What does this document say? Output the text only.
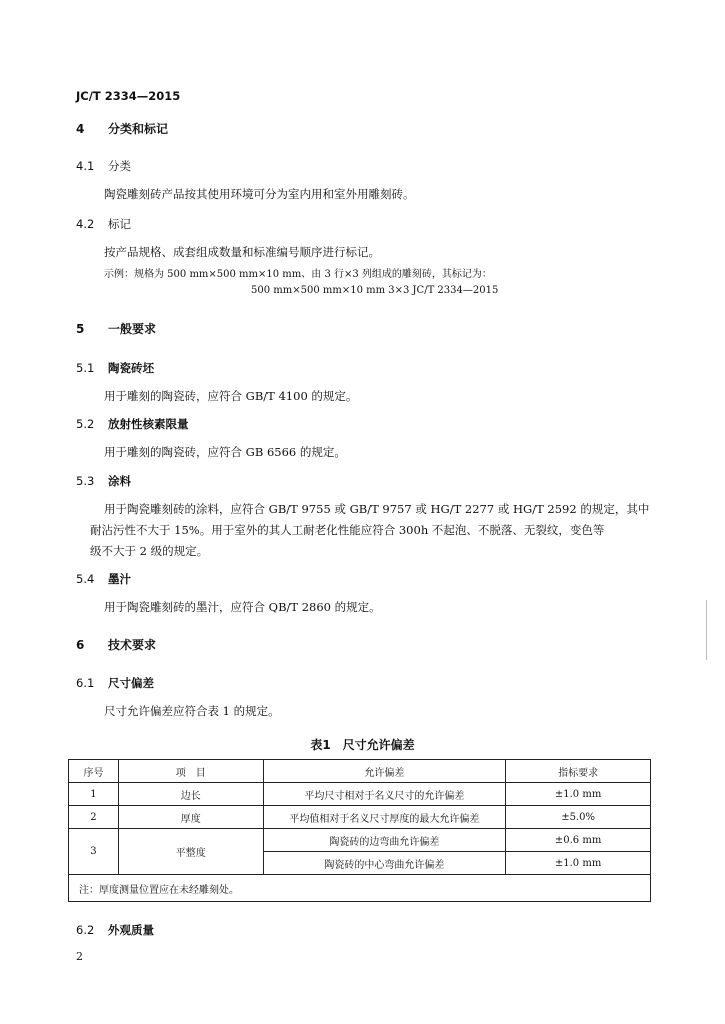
JC/T 2334—2015
4 分类和标记
4.1 分类
陶瓷雕刻砖产品按其使用环境可分为室内用和室外用雕刻砖。
4.2 标记
按产品规格、成套组成数量和标准编号顺序进行标记。
示例：规格为 500 mm×500 mm×10 mm、由 3 行×3 列组成的雕刻砖，其标记为：
500 mm×500 mm×10 mm 3×3 JC/T 2334—2015
5 一般要求
5.1 陶瓷砖坯
用于雕刻的陶瓷砖，应符合 GB/T 4100 的规定。
5.2 放射性核素限量
用于雕刻的陶瓷砖，应符合 GB 6566 的规定。
5.3 涂料
用于陶瓷雕刻砖的涂料，应符合 GB/T 9755 或 GB/T 9757 或 HG/T 2277 或 HG/T 2592 的规定，其中
耐沾污性不大于 15%。用于室外的其人工耐老化性能应符合 300h 不起泡、不脱落、无裂纹，变色等
级不大于 2 级的规定。
5.4 墨汁
用于陶瓷雕刻砖的墨汁，应符合 QB/T 2860 的规定。
6 技术要求
6.1 尺寸偏差
尺寸允许偏差应符合表 1 的规定。
表1　尺寸允许偏差
序号	项　目	允许偏差	指标要求
1	边长	平均尺寸相对于名义尺寸的允许偏差	±1.0 mm
2	厚度	平均值相对于名义尺寸厚度的最大允许偏差	±5.0%
3	平整度	陶瓷砖的边弯曲允许偏差	±0.6 mm
		陶瓷砖的中心弯曲允许偏差	±1.0 mm
注：厚度测量位置应在未经雕刻处。			
6.2 外观质量
2
